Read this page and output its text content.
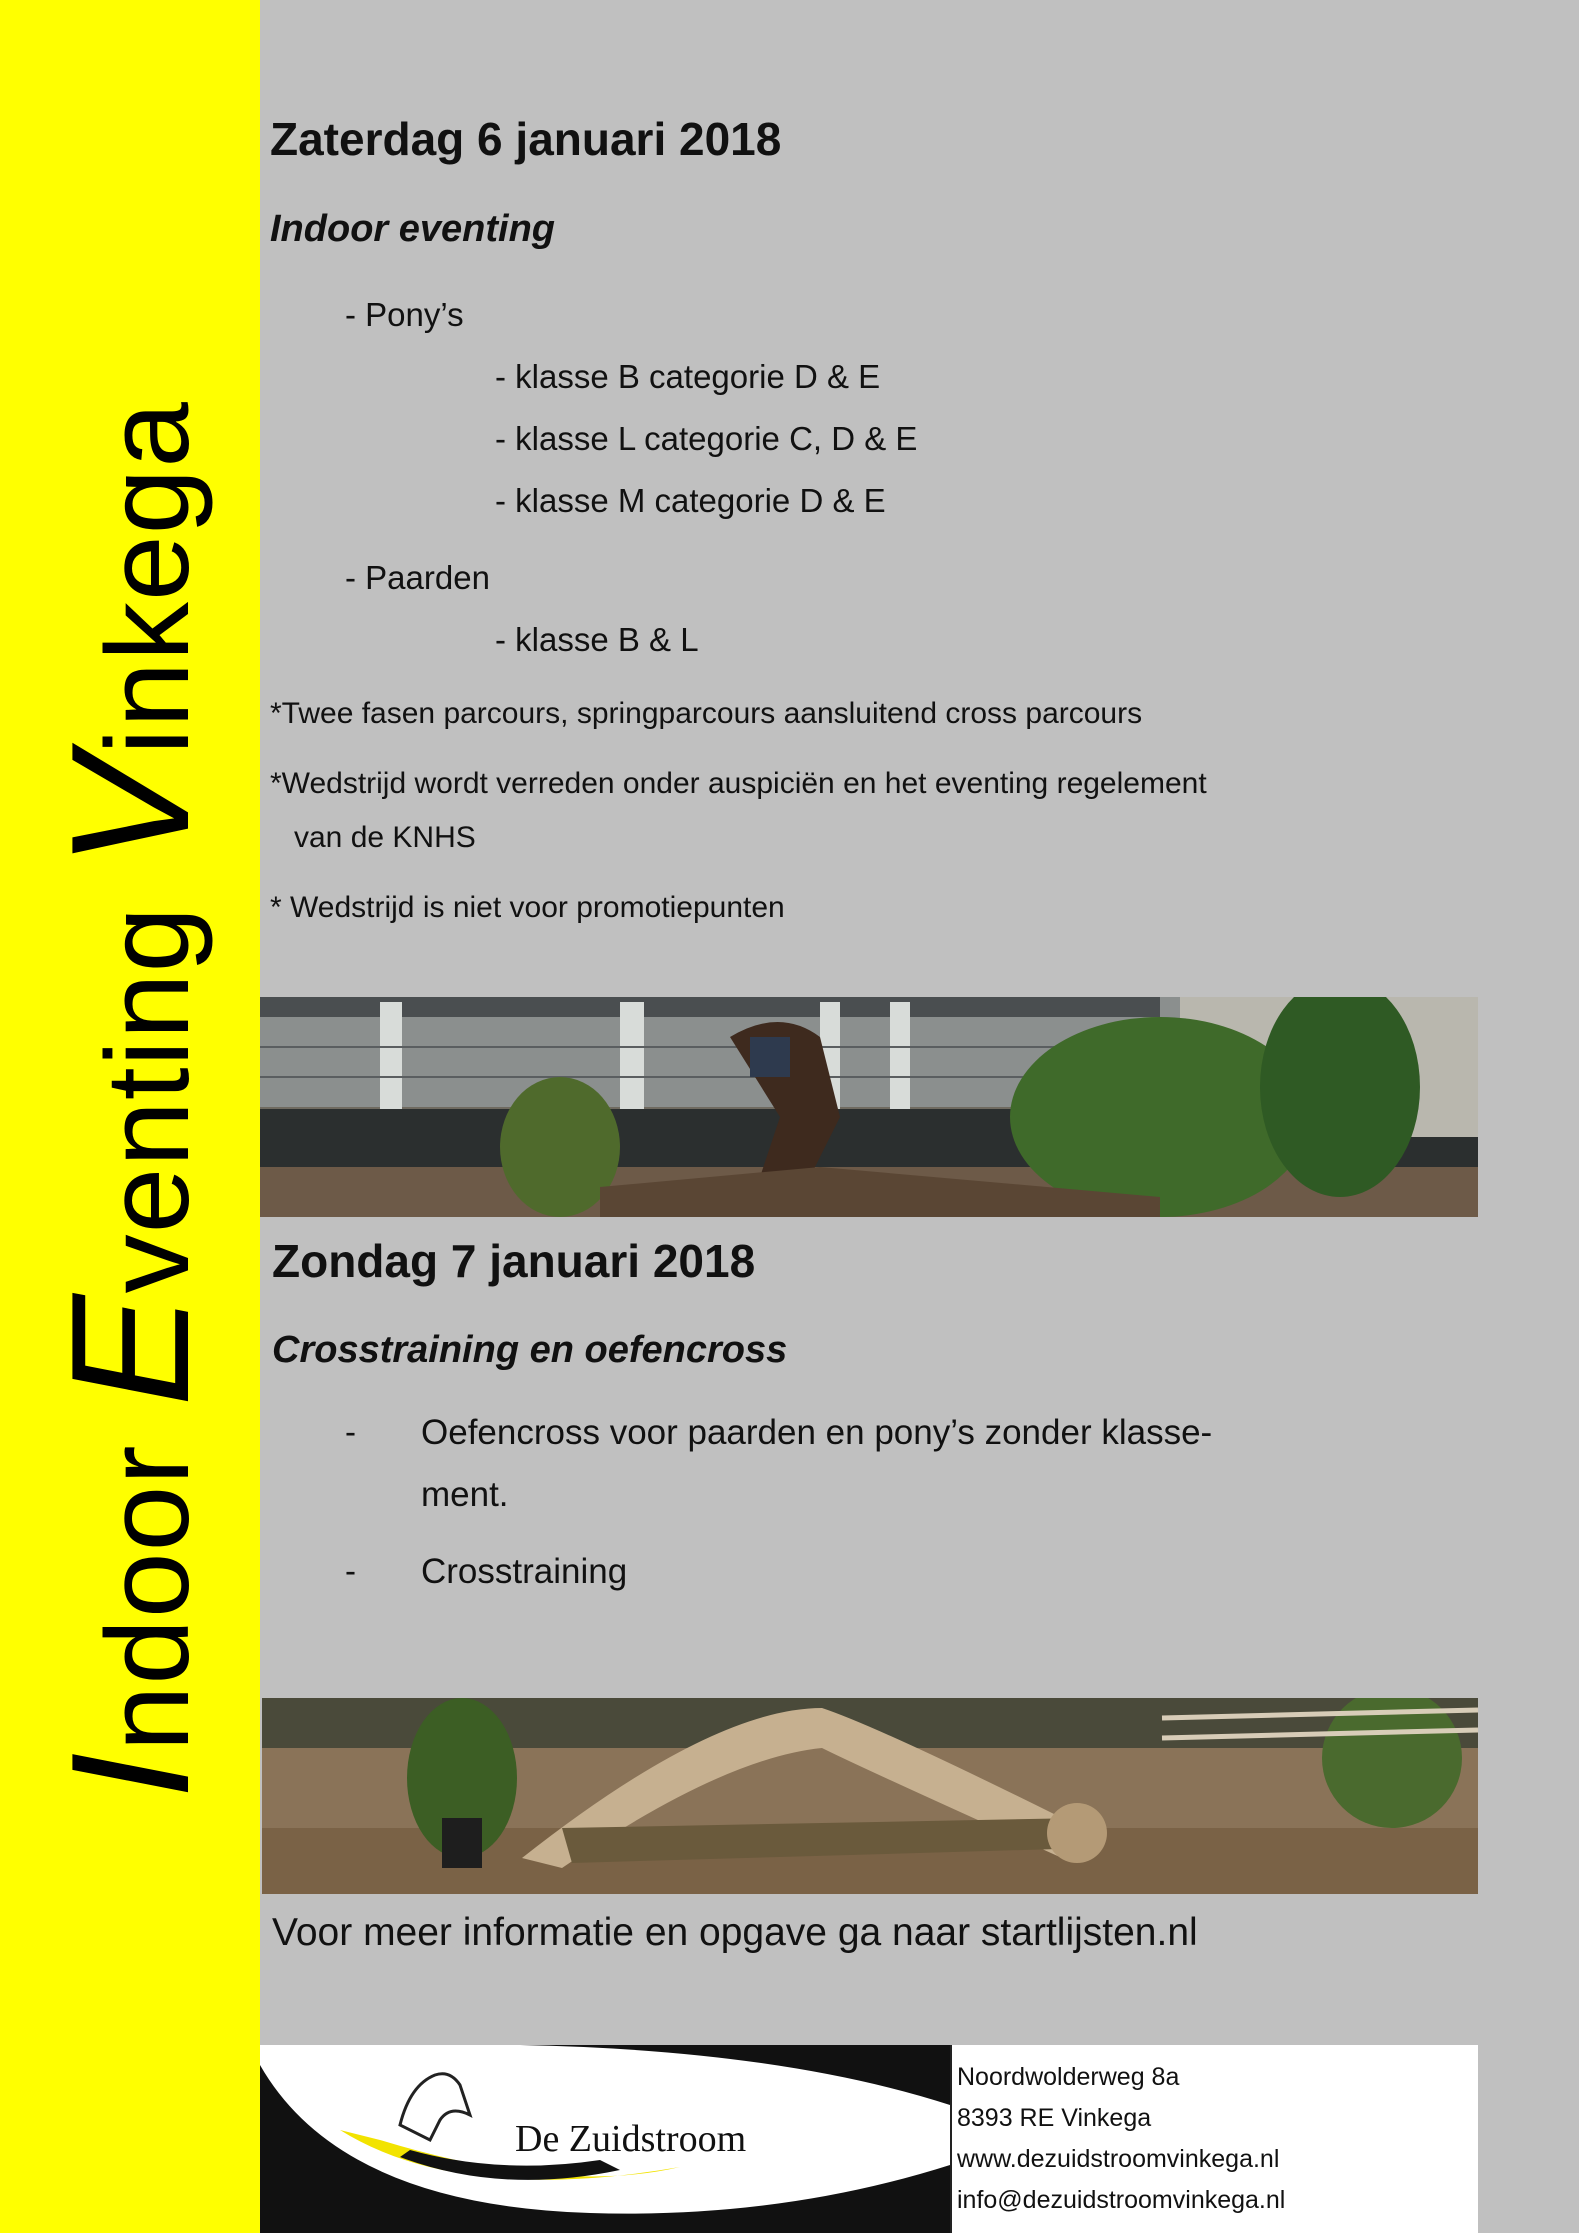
IndoorEventingVinkega
Zaterdag 6 januari 2018
Indoor eventing
- Pony’s
- klasse B categorie D & E
- klasse L categorie C, D & E
- klasse M categorie D & E
- Paarden
- klasse B & L
*Twee fasen parcours, springparcours aansluitend cross parcours
*Wedstrijd wordt verreden onder auspiciën en het eventing regelement
van de KNHS
* Wedstrijd is niet voor promotiepunten
Zondag 7 januari 2018
Crosstraining en oefencross
- Oefencross voor paarden en pony’s zonder klasse-
ment.
- Crosstraining
Voor meer informatie en opgave ga naar startlijsten.nl
De Zuidstroom
Noordwolderweg 8a
8393 RE Vinkega
www.dezuidstroomvinkega.nl
info@dezuidstroomvinkega.nl
